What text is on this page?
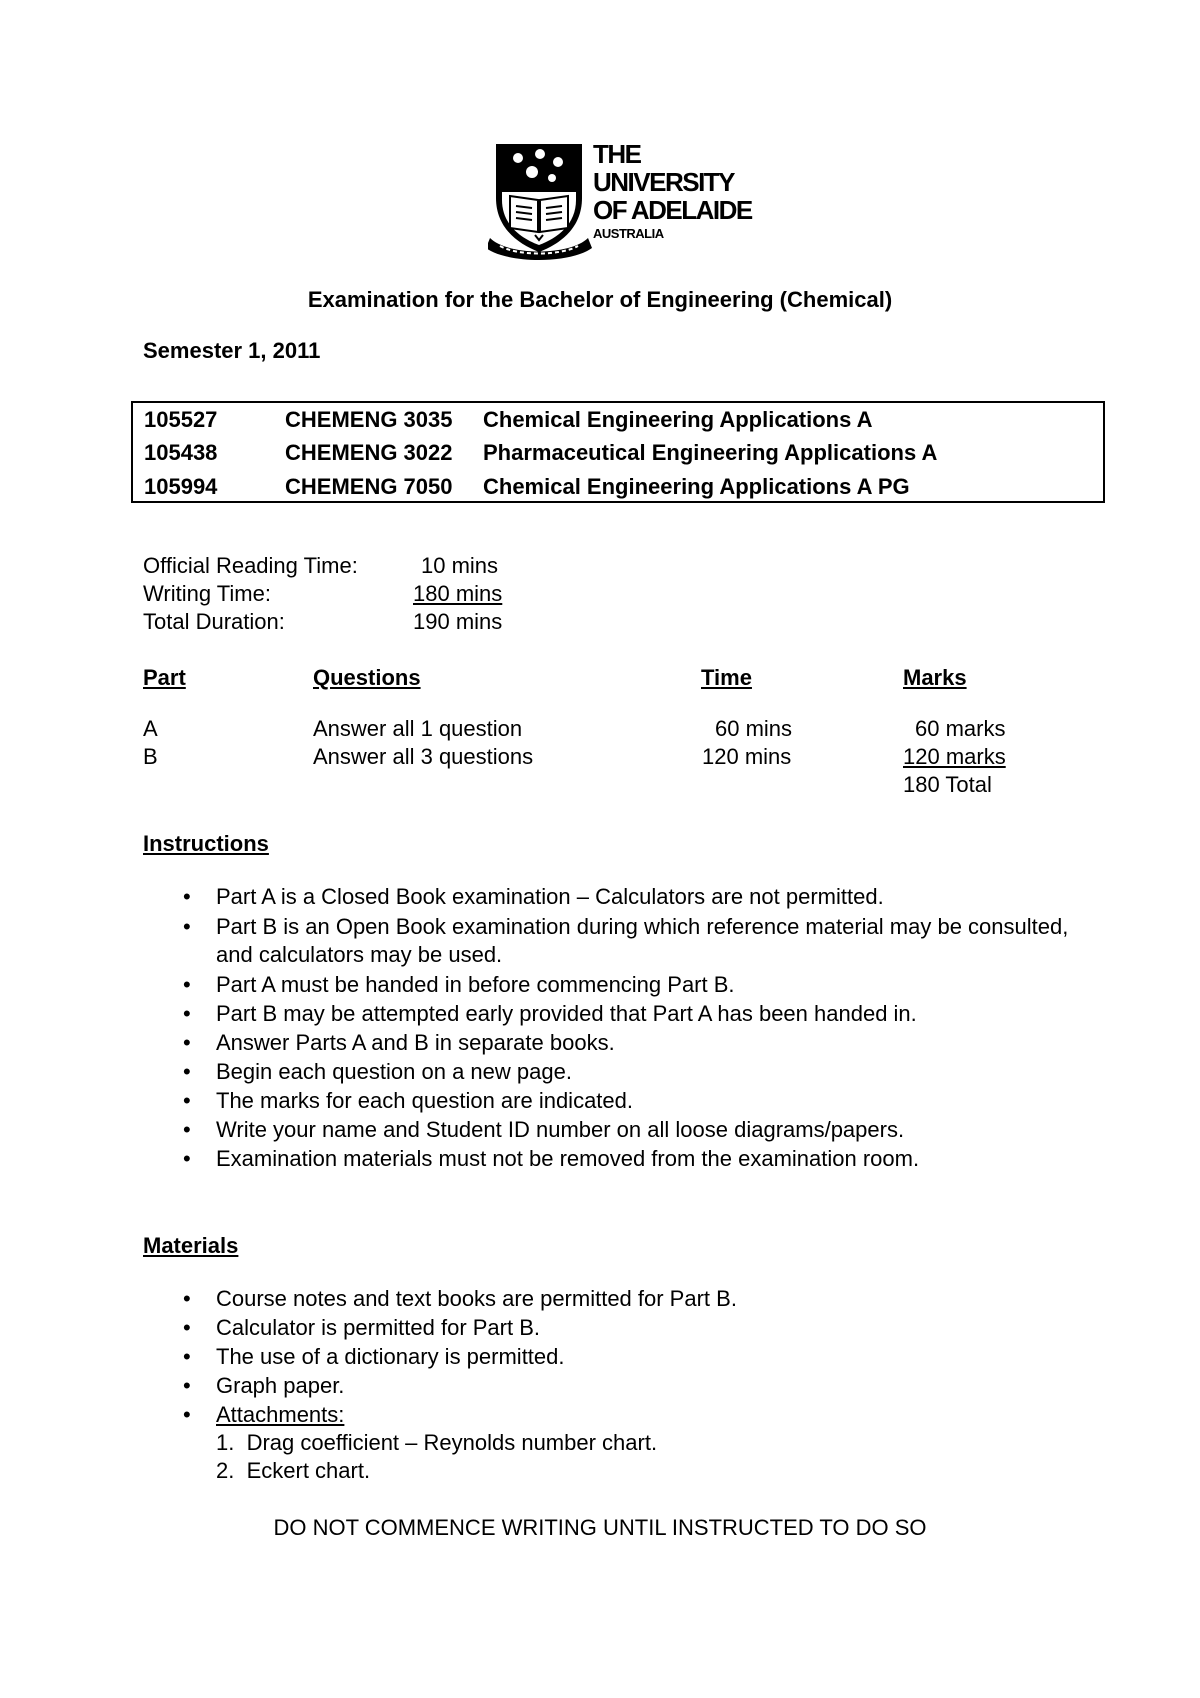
THE UNIVERSITY
OF ADELAIDE
AUSTRALIA
Examination for the Bachelor of Engineering (Chemical)
Semester 1, 2011
105527	CHEMENG 3035 Chemical Engineering Applications A
105438	CHEMENG 3022 Pharmaceutical Engineering Applications A
105994	CHEMENG 7050 Chemical Engineering Applications A PG
Official Reading Time:	10 mins
Writing Time:	180 mins
Total Duration:	190 mins
Part	Questions	Time	Marks
A	Answer all 1 question	60 mins	60 marks
B	Answer all 3 questions	120 mins	120 marks
180 Total
Instructions
• Part A is a Closed Book examination – Calculators are not permitted.
• Part B is an Open Book examination during which reference material may be consulted, and calculators may be used.
• Part A must be handed in before commencing Part B.
• Part B may be attempted early provided that Part A has been handed in.
• Answer Parts A and B in separate books.
• Begin each question on a new page.
• The marks for each question are indicated.
• Write your name and Student ID number on all loose diagrams/papers.
• Examination materials must not be removed from the examination room.
Materials
• Course notes and text books are permitted for Part B.
• Calculator is permitted for Part B.
• The use of a dictionary is permitted.
• Graph paper.
• Attachments:
1. Drag coefficient – Reynolds number chart.
2. Eckert chart.
DO NOT COMMENCE WRITING UNTIL INSTRUCTED TO DO SO
